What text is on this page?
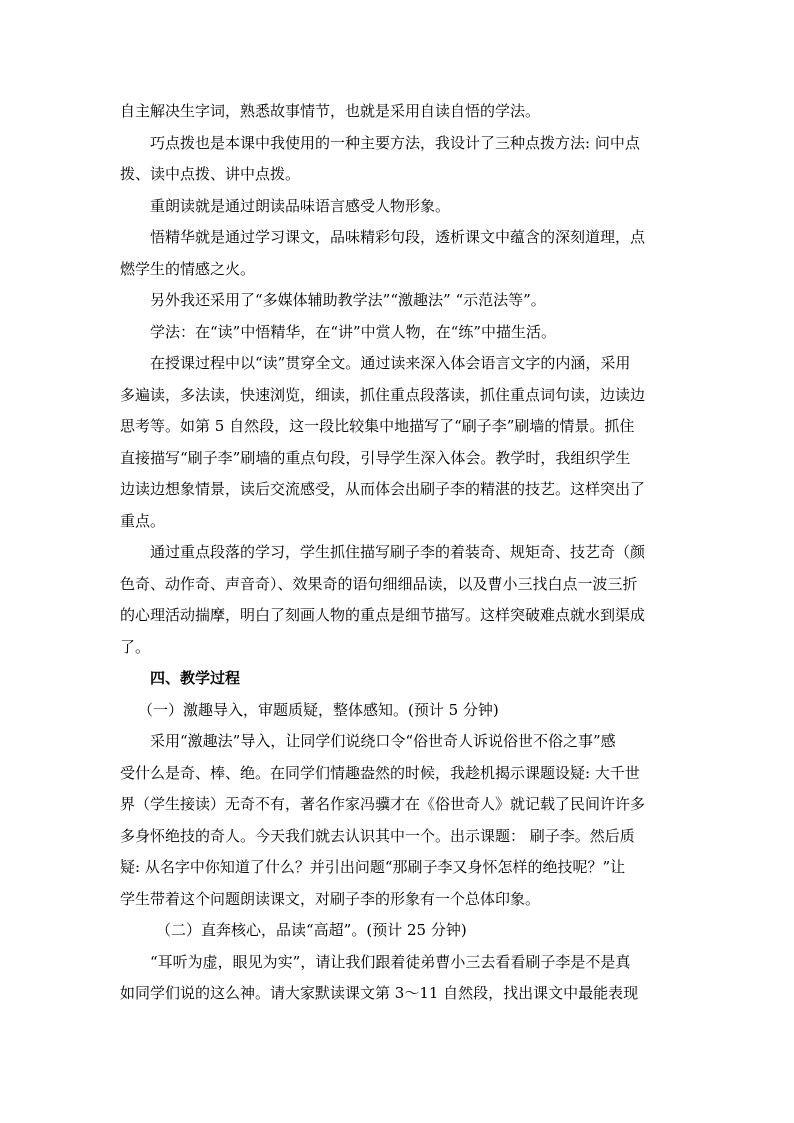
自主解决生字词，熟悉故事情节，也就是采用自读自悟的学法。
巧点拨也是本课中我使用的一种主要方法，我设计了三种点拨方法: 问中点
拨、读中点拨、讲中点拨。
重朗读就是通过朗读品味语言感受人物形象。
悟精华就是通过学习课文，品味精彩句段，透析课文中蕴含的深刻道理，点
燃学生的情感之火。
另外我还采用了“多媒体辅助教学法”“激趣法” “示范法等”。
学法：在“读”中悟精华，在“讲”中赏人物，在“练”中描生活。
在授课过程中以“读”贯穿全文。通过读来深入体会语言文字的内涵，采用
多遍读，多法读，快速浏览，细读，抓住重点段落读，抓住重点词句读，边读边
思考等。如第 5 自然段，这一段比较集中地描写了“刷子李”刷墙的情景。抓住
直接描写“刷子李”刷墙的重点句段，引导学生深入体会。教学时，我组织学生
边读边想象情景，读后交流感受，从而体会出刷子李的精湛的技艺。这样突出了
重点。
通过重点段落的学习，学生抓住描写刷子李的着装奇、规矩奇、技艺奇（颜
色奇、动作奇、声音奇）、效果奇的语句细细品读，以及曹小三找白点一波三折
的心理活动揣摩，明白了刻画人物的重点是细节描写。这样突破难点就水到渠成
了。
四、教学过程
（一）激趣导入，审题质疑，整体感知。(预计 5 分钟)
采用“激趣法”导入，让同学们说绕口令“俗世奇人诉说俗世不俗之事”感
受什么是奇、棒、绝。在同学们情趣盎然的时候，我趁机揭示课题设疑: 大千世
界（学生接读）无奇不有，著名作家冯骥才在《俗世奇人》就记载了民间许许多
多身怀绝技的奇人。今天我们就去认识其中一个。出示课题： 刷子李。然后质
疑: 从名字中你知道了什么？并引出问题“那刷子李又身怀怎样的绝技呢？”让
学生带着这个问题朗读课文，对刷子李的形象有一个总体印象。
（二）直奔核心，品读“高超”。(预计 25 分钟)
“耳听为虚，眼见为实”，请让我们跟着徒弟曹小三去看看刷子李是不是真
如同学们说的这么神。请大家默读课文第 3～11 自然段，找出课文中最能表现
